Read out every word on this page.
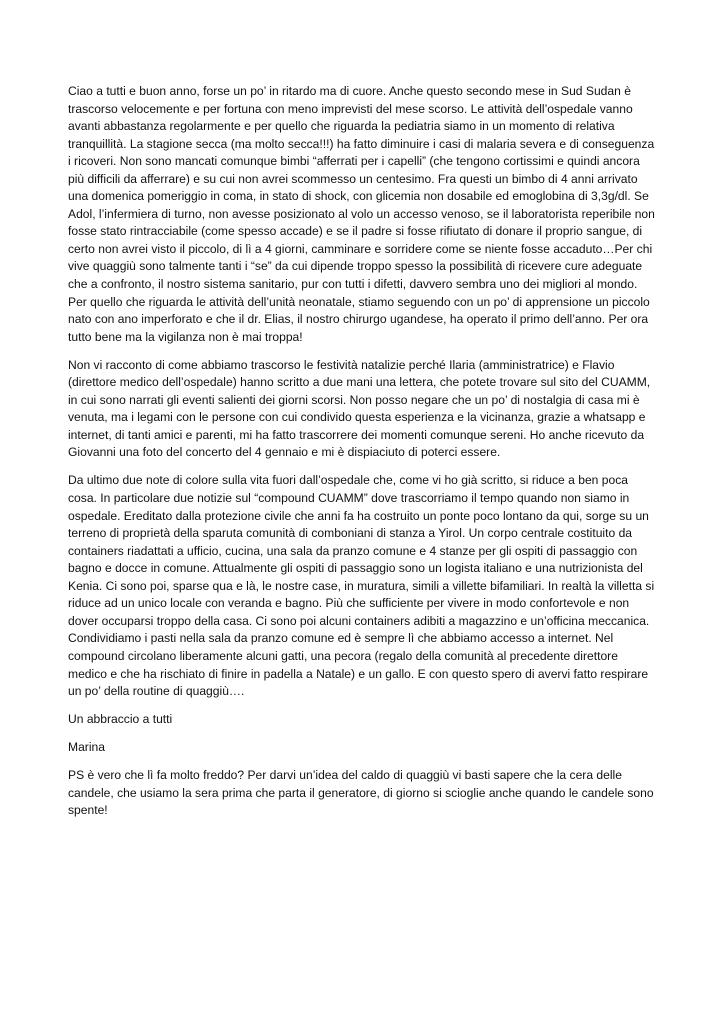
Ciao a tutti e buon anno, forse un po’ in ritardo ma di cuore. Anche questo secondo mese in Sud Sudan è trascorso velocemente e per fortuna con meno imprevisti del mese scorso. Le attività dell’ospedale vanno avanti abbastanza regolarmente e per quello che riguarda la pediatria siamo in un momento di relativa tranquillità. La stagione secca (ma molto secca!!!) ha fatto diminuire i casi di malaria severa e di conseguenza i ricoveri. Non sono mancati comunque bimbi “afferrati per i capelli” (che tengono cortissimi e quindi ancora più difficili da afferrare) e su cui non avrei scommesso un centesimo. Fra questi un bimbo di 4 anni arrivato una domenica pomeriggio in coma, in stato di shock, con glicemia non dosabile ed emoglobina di 3,3g/dl. Se Adol, l’infermiera di turno, non avesse posizionato al volo un accesso venoso, se il laboratorista reperibile non fosse stato rintracciabile (come spesso accade) e se il padre si fosse rifiutato di donare il proprio sangue, di certo non avrei visto il piccolo, di lì a 4 giorni, camminare e sorridere come se niente fosse accaduto…Per chi vive quaggiù sono talmente tanti i “se” da cui dipende troppo spesso la possibilità di ricevere cure adeguate che a confronto, il nostro sistema sanitario, pur con tutti i difetti, davvero sembra uno dei migliori al mondo. Per quello che riguarda le attività dell’unità neonatale, stiamo seguendo con un po’ di apprensione un piccolo nato con ano imperforato e che il dr. Elias, il nostro chirurgo ugandese, ha operato il primo dell’anno. Per ora tutto bene ma la vigilanza non è mai troppa!

Non vi racconto di come abbiamo trascorso le festività natalizie perché Ilaria (amministratrice) e Flavio (direttore medico dell’ospedale) hanno scritto a due mani una lettera, che potete trovare sul sito del CUAMM, in cui sono narrati gli eventi salienti dei giorni scorsi. Non posso negare che un po’ di nostalgia di casa mi è venuta, ma i legami con le persone con cui condivido questa esperienza e la vicinanza, grazie a whatsapp e internet, di tanti amici e parenti, mi ha fatto trascorrere dei momenti comunque sereni. Ho anche ricevuto da Giovanni una foto del concerto del 4 gennaio e mi è dispiaciuto di poterci essere.

Da ultimo due note di colore sulla vita fuori dall’ospedale che, come vi ho già scritto, si riduce a ben poca cosa. In particolare due notizie sul “compound CUAMM” dove trascorriamo il tempo quando non siamo in ospedale. Ereditato dalla protezione civile che anni fa ha costruito un ponte poco lontano da qui, sorge su un terreno di proprietà della sparuta comunità di comboniani di stanza a Yirol. Un corpo centrale costituito da containers riadattati a ufficio, cucina, una sala da pranzo comune e 4 stanze per gli ospiti di passaggio con bagno e docce in comune. Attualmente gli ospiti di passaggio sono un logista italiano e una nutrizionista del Kenia. Ci sono poi, sparse qua e là, le nostre case, in muratura, simili a villette bifamiliari. In realtà la villetta si riduce ad un unico locale con veranda e bagno. Più che sufficiente per vivere in modo confortevole e non dover occuparsi troppo della casa. Ci sono poi alcuni containers adibiti a magazzino e un’officina meccanica. Condividiamo i pasti nella sala da pranzo comune ed è sempre lì che abbiamo accesso a internet. Nel compound circolano liberamente alcuni gatti, una pecora (regalo della comunità al precedente direttore medico e che ha rischiato di finire in padella a Natale) e un gallo. E con questo spero di avervi fatto respirare un po’ della routine di quaggiù….

Un abbraccio a tutti

Marina

PS è vero che lì fa molto freddo? Per darvi un’idea del caldo di quaggiù vi basti sapere che la cera delle candele, che usiamo la sera prima che parta il generatore, di giorno si scioglie anche quando le candele sono spente!
